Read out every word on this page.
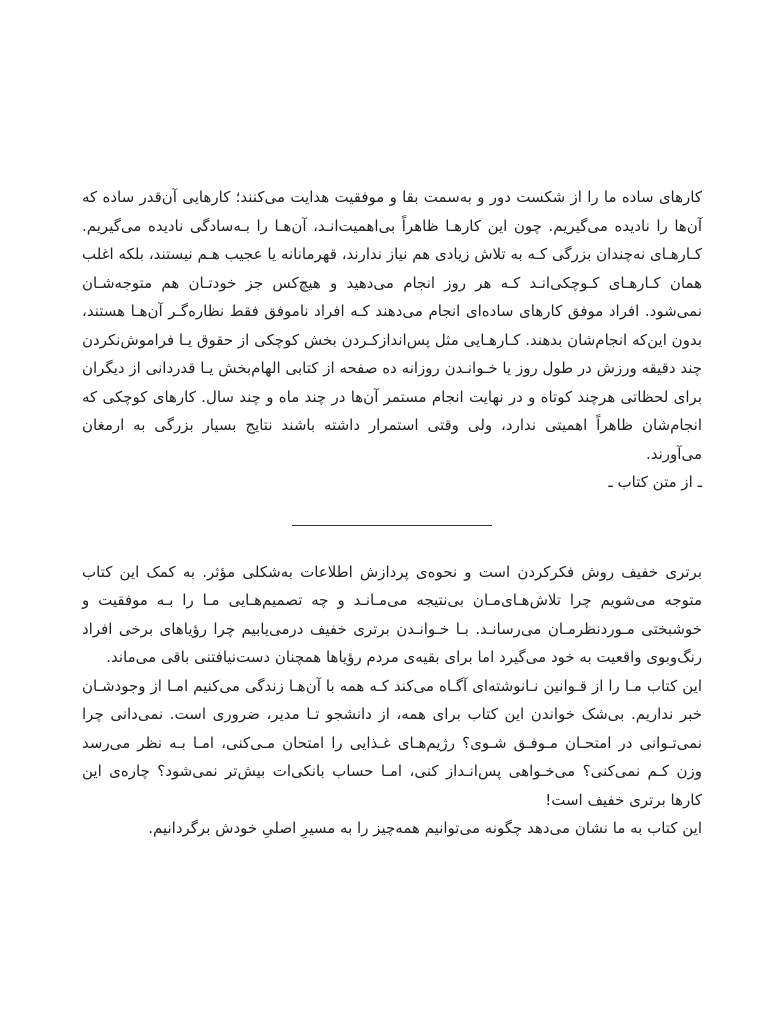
کارهای ساده ما را از شکست دور و به‌سمت بقا و موفقیت هدایت می‌کنند؛ کارهایی آن‌قدر ساده که آن‌ها را نادیده می‌گیریم. چون این کارهـا ظاهراً بی‌اهمیت‌انـد، آن‌هـا را بـه‌سادگی نادیده می‌گیریم. کـارهـای نه‌چندان بزرگی کـه به تلاش زیادی هم نیاز ندارند، قهرمانانه یا عجیب هـم نیستند، بلکه اغلب همان کـارهـای کـوچکی‌انـد کـه هر روز انجام می‌دهید و هیچ‌کس جز خودتـان هم متوجه‌شـان نمی‌شود. افراد موفق کارهای ساده‌ای انجام می‌دهند کـه افراد ناموفق فقط نظاره‌گـر آن‌هـا هستند، بدون این‌که انجام‌شان بدهند. کـارهـایی مثل پس‌اندازکـردن بخش کوچکی از حقوق یـا فراموش‌نکردن چند دقیقه ورزش در طول روز یا خـوانـدن روزانه ده صفحه از کتابی الهام‌بخش یـا قدردانی از دیگران برای لحظاتی هرچند کوتاه و در نهایت انجام مستمر آن‌ها در چند ماه و چند سال. کارهای کوچکی که انجام‌شان ظاهراً اهمیتی ندارد، ولی وقتی استمرار داشته باشند نتایج بسیار بزرگی به ارمغان می‌آورند.

ـ از متن کتاب ـ

برتری خفیف روش فکرکردن است و نحوه‌ی پردازش اطلاعات به‌شکلی مؤثر. به کمک این کتاب متوجه می‌شویم چرا تلاش‌هـای‌مـان بی‌نتیجه می‌مـانـد و چه تصمیم‌هـایی مـا را بـه موفقیت و خوشبختی مـوردنظرمـان می‌رسانـد. بـا خـوانـدن برتری خفیف درمی‌یابیم چرا رؤیاهای برخی افراد رنگ‌وبوی واقعیت به خود می‌گیرد اما برای بقیه‌ی مردم رؤیاها همچنان دست‌نیافتنی باقی می‌ماند.

این کتاب مـا را از قـوانین نـانوشته‌ای آگـاه می‌کند کـه همه با آن‌هـا زندگی می‌کنیم امـا از وجودشـان خبر نداریم. بی‌شک خواندن این کتاب برای همه، از دانشجو تـا مدیر، ضروری است. نمی‌دانی چرا نمی‌تـوانی در امتحـان مـوفـق شـوی؟ رژیم‌هـای غـذایی را امتحان مـی‌کنی، امـا بـه نظر می‌رسد وزن کـم نمی‌کنی؟ می‌خـواهی پس‌انـداز کنی، امـا حساب بانکی‌ات بیش‌تر نمی‌شود؟ چاره‌ی این کارها برتری خفیف است!

این کتاب به ما نشان می‌دهد چگونه می‌توانیم همه‌چیز را به مسیرِ اصلیِ خودش برگردانیم.
